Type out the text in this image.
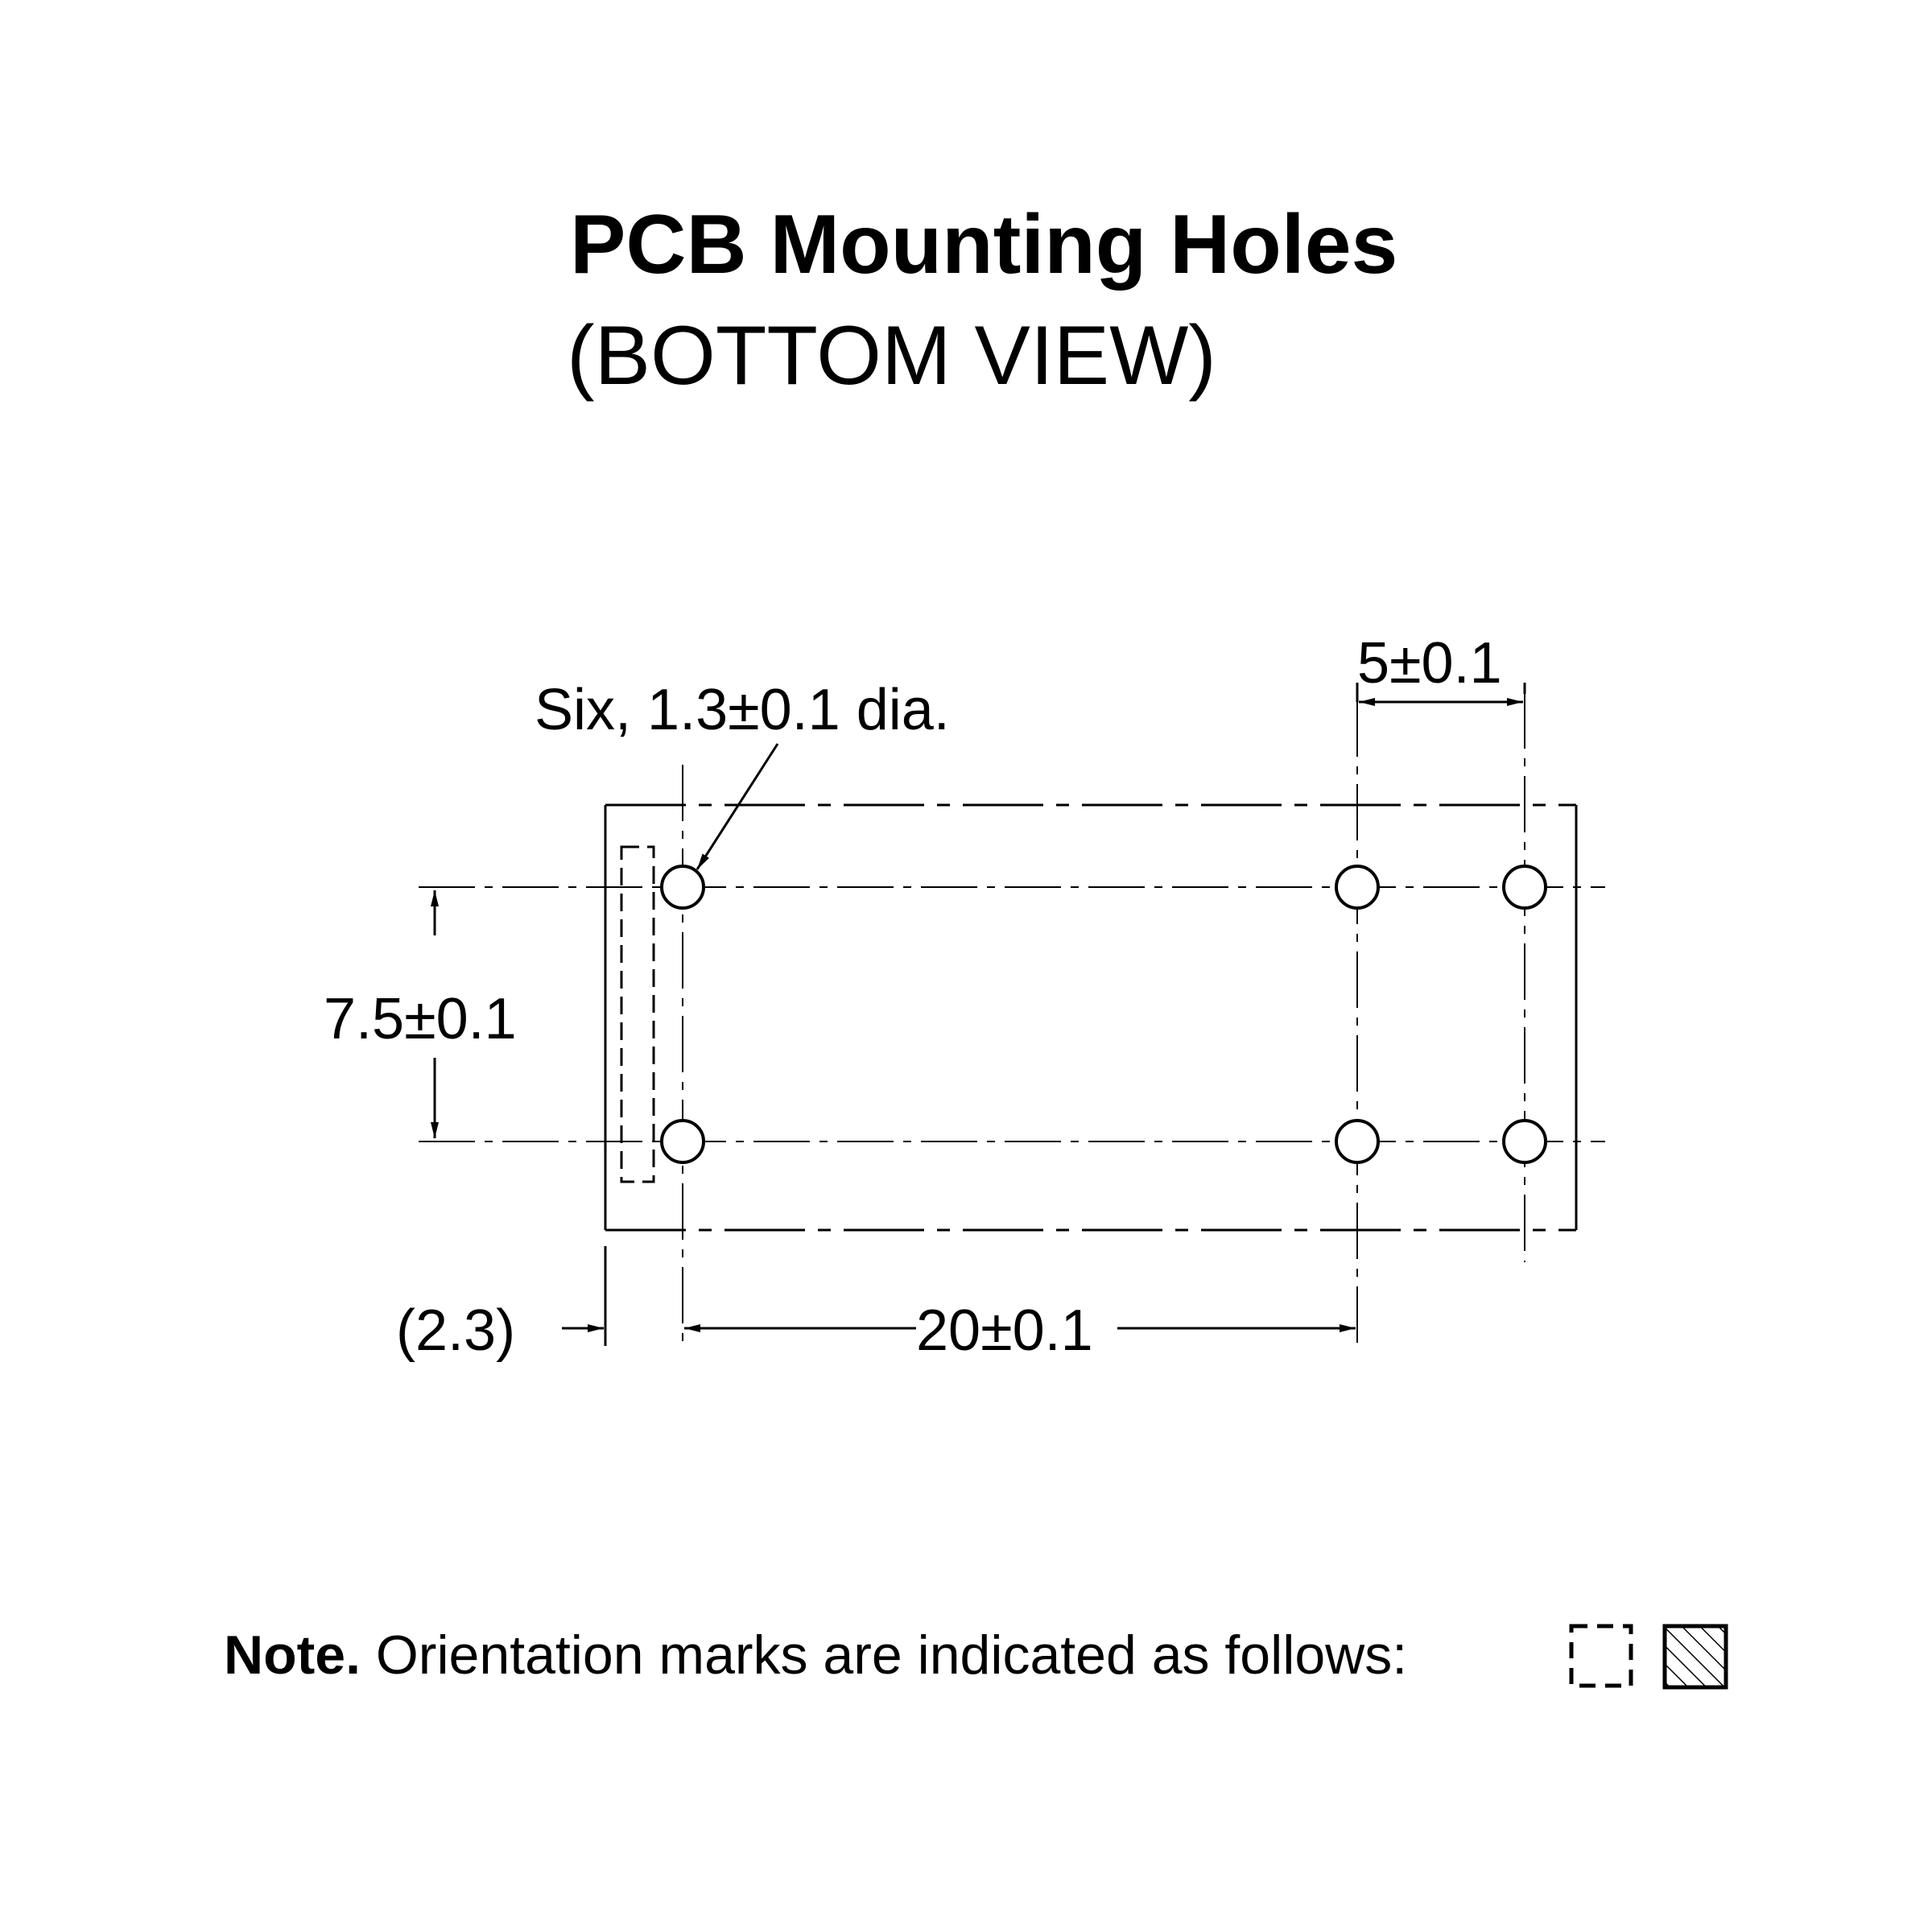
PCB Mounting Holes
(BOTTOM VIEW)
Six, 1.3±0.1 dia.
5±0.1
7.5±0.1
(2.3)	20±0.1
Note. Orientation marks are indicated as follows:
